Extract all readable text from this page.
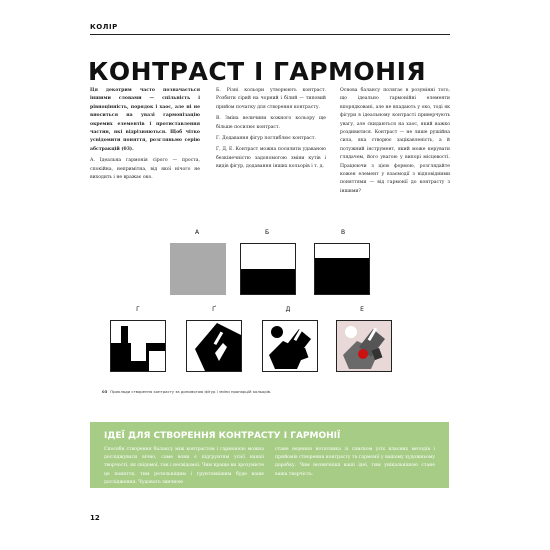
КОЛІР
КОНТРАСТ І ГАРМОНІЯ

Ця декотрим часто позначається іншими словами — спільність і рівноцінність, порядок і хаос, але ні не вноситься на увазі гармонізацію окремих елементів і протиставлення частин, які відрізняються. Щоб чітко усвідомити поняття, розгляньмо серію абстракцій (03).

А. Ідеальна гармонія сірого — проста, спокійна, непримітна, від якої нічого не виходить і не вражає око.

Б. Різні кольори утворюють контраст. Розбити сірий на чорний і білий — типовий прийом початку для створення контрасту.

В. Зміна величини кожного кольору ще більше посилює контраст.

Г. Додавання фігур поглиблює контраст.

Ґ, Д, Е. Контраст можна посилити удаваною безкінечністю задопомогою зміни кутів і видів фігур, додавання інших кольорів і т. д.

Основа балансу полягає в розумінні того, що ідеально гармонійні елементи впорядковані, але не впадають у око, тоді як фігури в ідеальному контрасті приверчують увагу, але скидаються на хаос, який важко роздивитися. Контраст — не лише рушійна сила, яка створює зацікавленість, а й потужний інструмент, який може керувати глядачем, його увагою у випорі місцевості. Працюючи з цією формою, розглядайте кожен елемент у взаємодії з відповідними поняттями — від гармонії до контрасту з іншими?

А	Б	В
Г	Ґ	Д	Е
03 Приклади створення контрасту за допомогою фігур і зміни пропорцій кольорів.
ІДЕЇ ДЛЯ СТВОРЕННЯ КОНТРАСТУ І ГАРМОНІЇ
Способи створення балансу між контрастом і гармонією можна досліджувати вічно, саме вони є підґрунтям усієї нашої творчості, як свідомої, так і несвідомої. Чим краще ви зрозумієте це поняття, тим ретельнішим і ґрунтовнішим буде ваше дослідження. Чудового звичною
стане ведення нотатника зі списком усіх власних методів і прийомів створення контрасту та гармонії у вашому художньому доробку. Чим незвичніші ваші ідеї, тим унікальнішою стане ваша творчість.
12
